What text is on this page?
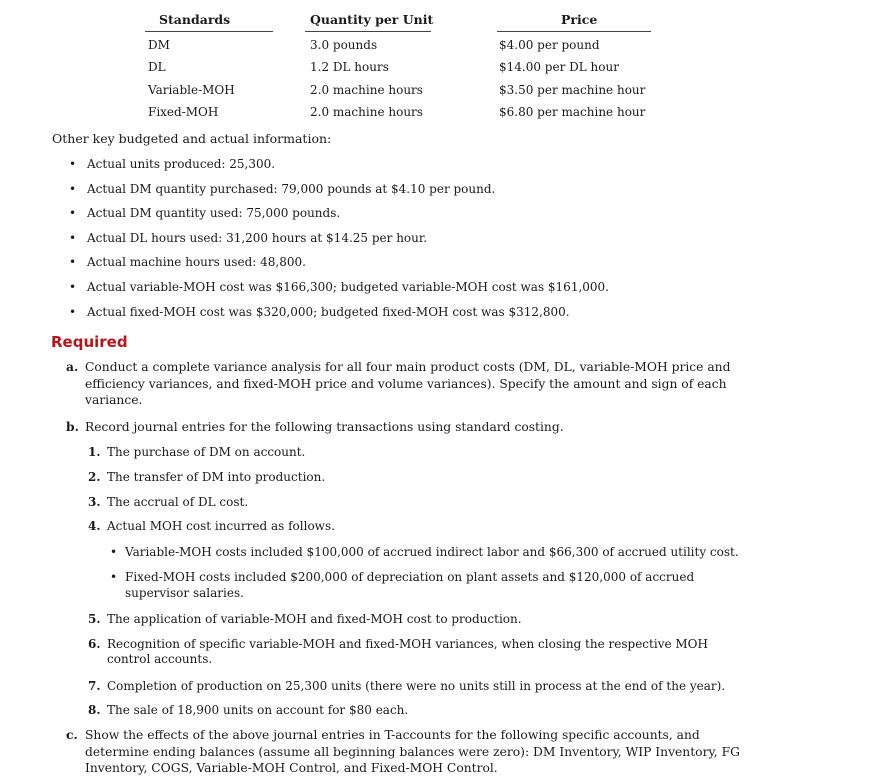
Standards	Quantity per Unit	Price
DM	3.0 pounds	$4.00 per pound
DL	1.2 DL hours	$14.00 per DL hour
Variable-MOH	2.0 machine hours	$3.50 per machine hour
Fixed-MOH	2.0 machine hours	$6.80 per machine hour
Other key budgeted and actual information:
• Actual units produced: 25,300.
• Actual DM quantity purchased: 79,000 pounds at $4.10 per pound.
• Actual DM quantity used: 75,000 pounds.
• Actual DL hours used: 31,200 hours at $14.25 per hour.
• Actual machine hours used: 48,800.
• Actual variable-MOH cost was $166,300; budgeted variable-MOH cost was $161,000.
• Actual fixed-MOH cost was $320,000; budgeted fixed-MOH cost was $312,800.
Required
a. Conduct a complete variance analysis for all four main product costs (DM, DL, variable-MOH price and efficiency variances, and fixed-MOH price and volume variances). Specify the amount and sign of each variance.
b. Record journal entries for the following transactions using standard costing.
1. The purchase of DM on account.
2. The transfer of DM into production.
3. The accrual of DL cost.
4. Actual MOH cost incurred as follows.
• Variable-MOH costs included $100,000 of accrued indirect labor and $66,300 of accrued utility cost.
• Fixed-MOH costs included $200,000 of depreciation on plant assets and $120,000 of accrued supervisor salaries.
5. The application of variable-MOH and fixed-MOH cost to production.
6. Recognition of specific variable-MOH and fixed-MOH variances, when closing the respective MOH control accounts.
7. Completion of production on 25,300 units (there were no units still in process at the end of the year).
8. The sale of 18,900 units on account for $80 each.
c. Show the effects of the above journal entries in T-accounts for the following specific accounts, and determine ending balances (assume all beginning balances were zero): DM Inventory, WIP Inventory, FG Inventory, COGS, Variable-MOH Control, and Fixed-MOH Control.
